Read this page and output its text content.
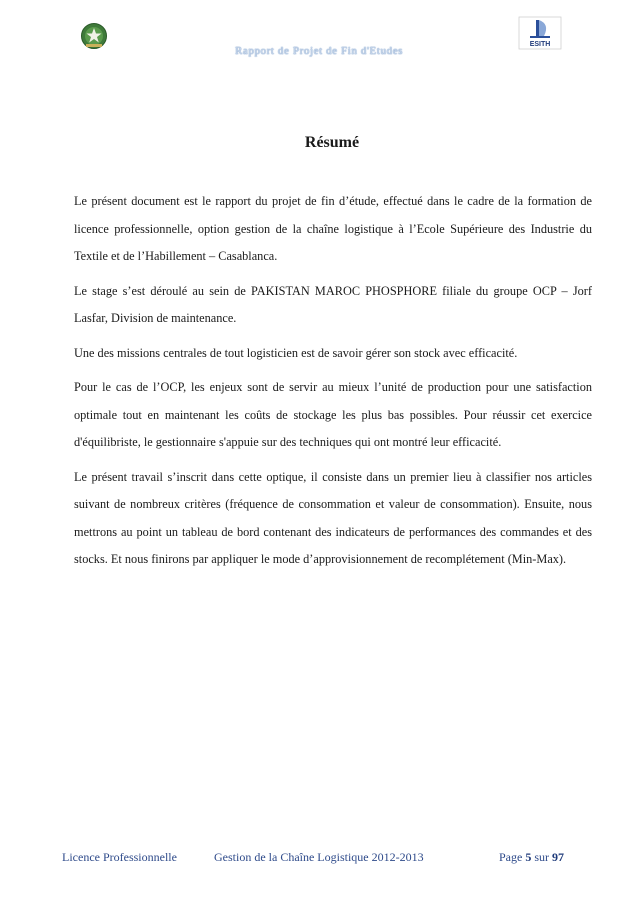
ESITH
Rapport de Projet de Fin d'Etudes
Résumé

Le présent document est le rapport du projet de fin d’étude, effectué dans le cadre de la formation de licence professionnelle, option gestion de la chaîne logistique à l’Ecole Supérieure des Industrie du Textile et de l’Habillement – Casablanca.

Le stage s’est déroulé au sein de PAKISTAN MAROC PHOSPHORE filiale du groupe OCP – Jorf Lasfar, Division de maintenance.

Une des missions centrales de tout logisticien est de savoir gérer son stock avec efficacité.

Pour le cas de l’OCP, les enjeux sont de servir au mieux l’unité de production pour une satisfaction optimale tout en maintenant les coûts de stockage les plus bas possibles. Pour réussir cet exercice d'équilibriste, le gestionnaire s'appuie sur des techniques qui ont montré leur efficacité.

Le présent travail s’inscrit dans cette optique, il consiste dans un premier lieu à classifier nos articles suivant de nombreux critères (fréquence de consommation et valeur de consommation). Ensuite, nous mettrons au point un tableau de bord contenant des indicateurs de performances des commandes et des stocks. Et nous finirons par appliquer le mode d’approvisionnement de recomplétement (Min-Max).

Licence Professionnelle	Gestion de la Chaîne Logistique 2012-2013	Page 5 sur 97
